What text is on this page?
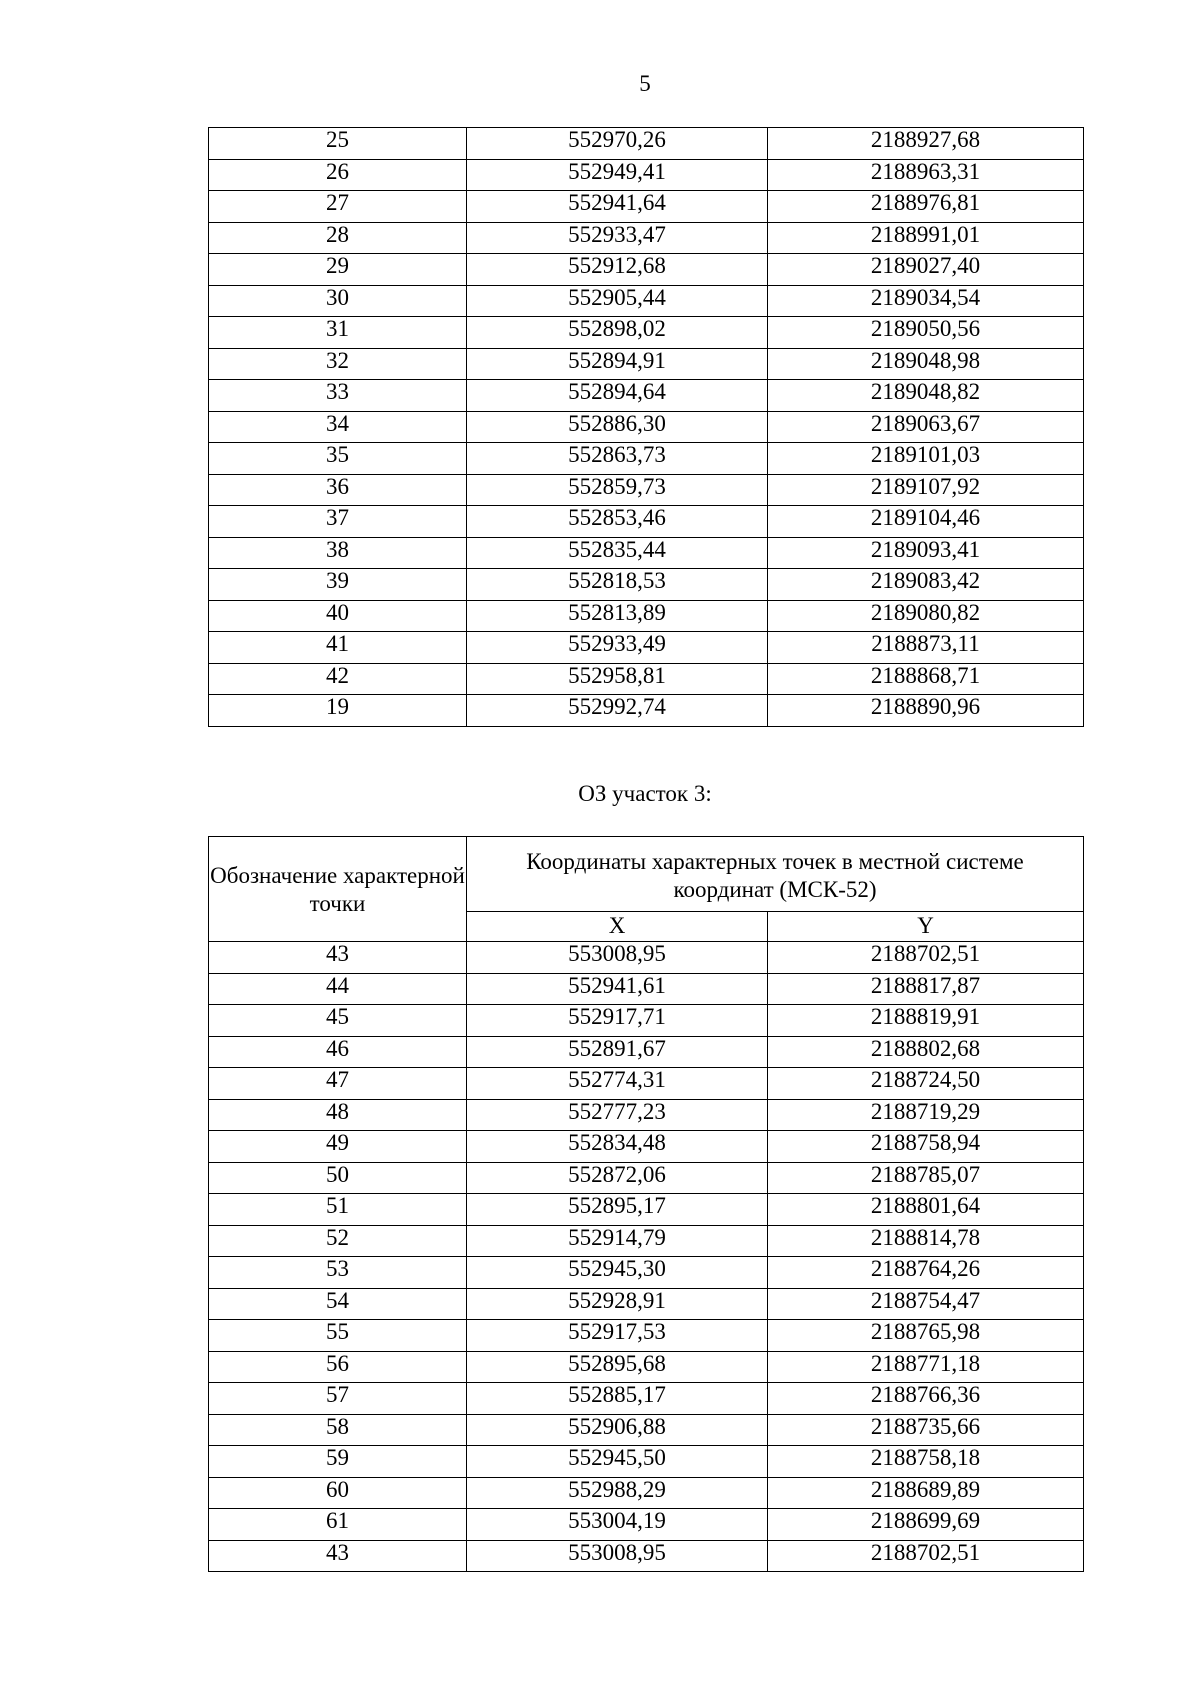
5
25	552970,26	2188927,68
26	552949,41	2188963,31
27	552941,64	2188976,81
28	552933,47	2188991,01
29	552912,68	2189027,40
30	552905,44	2189034,54
31	552898,02	2189050,56
32	552894,91	2189048,98
33	552894,64	2189048,82
34	552886,30	2189063,67
35	552863,73	2189101,03
36	552859,73	2189107,92
37	552853,46	2189104,46
38	552835,44	2189093,41
39	552818,53	2189083,42
40	552813,89	2189080,82
41	552933,49	2188873,11
42	552958,81	2188868,71
19	552992,74	2188890,96
ОЗ участок 3:
Обозначение характерной точки	Координаты характерных точек в местной системе координат (МСК-52)	
	X	Y
43	553008,95	2188702,51
44	552941,61	2188817,87
45	552917,71	2188819,91
46	552891,67	2188802,68
47	552774,31	2188724,50
48	552777,23	2188719,29
49	552834,48	2188758,94
50	552872,06	2188785,07
51	552895,17	2188801,64
52	552914,79	2188814,78
53	552945,30	2188764,26
54	552928,91	2188754,47
55	552917,53	2188765,98
56	552895,68	2188771,18
57	552885,17	2188766,36
58	552906,88	2188735,66
59	552945,50	2188758,18
60	552988,29	2188689,89
61	553004,19	2188699,69
43	553008,95	2188702,51
